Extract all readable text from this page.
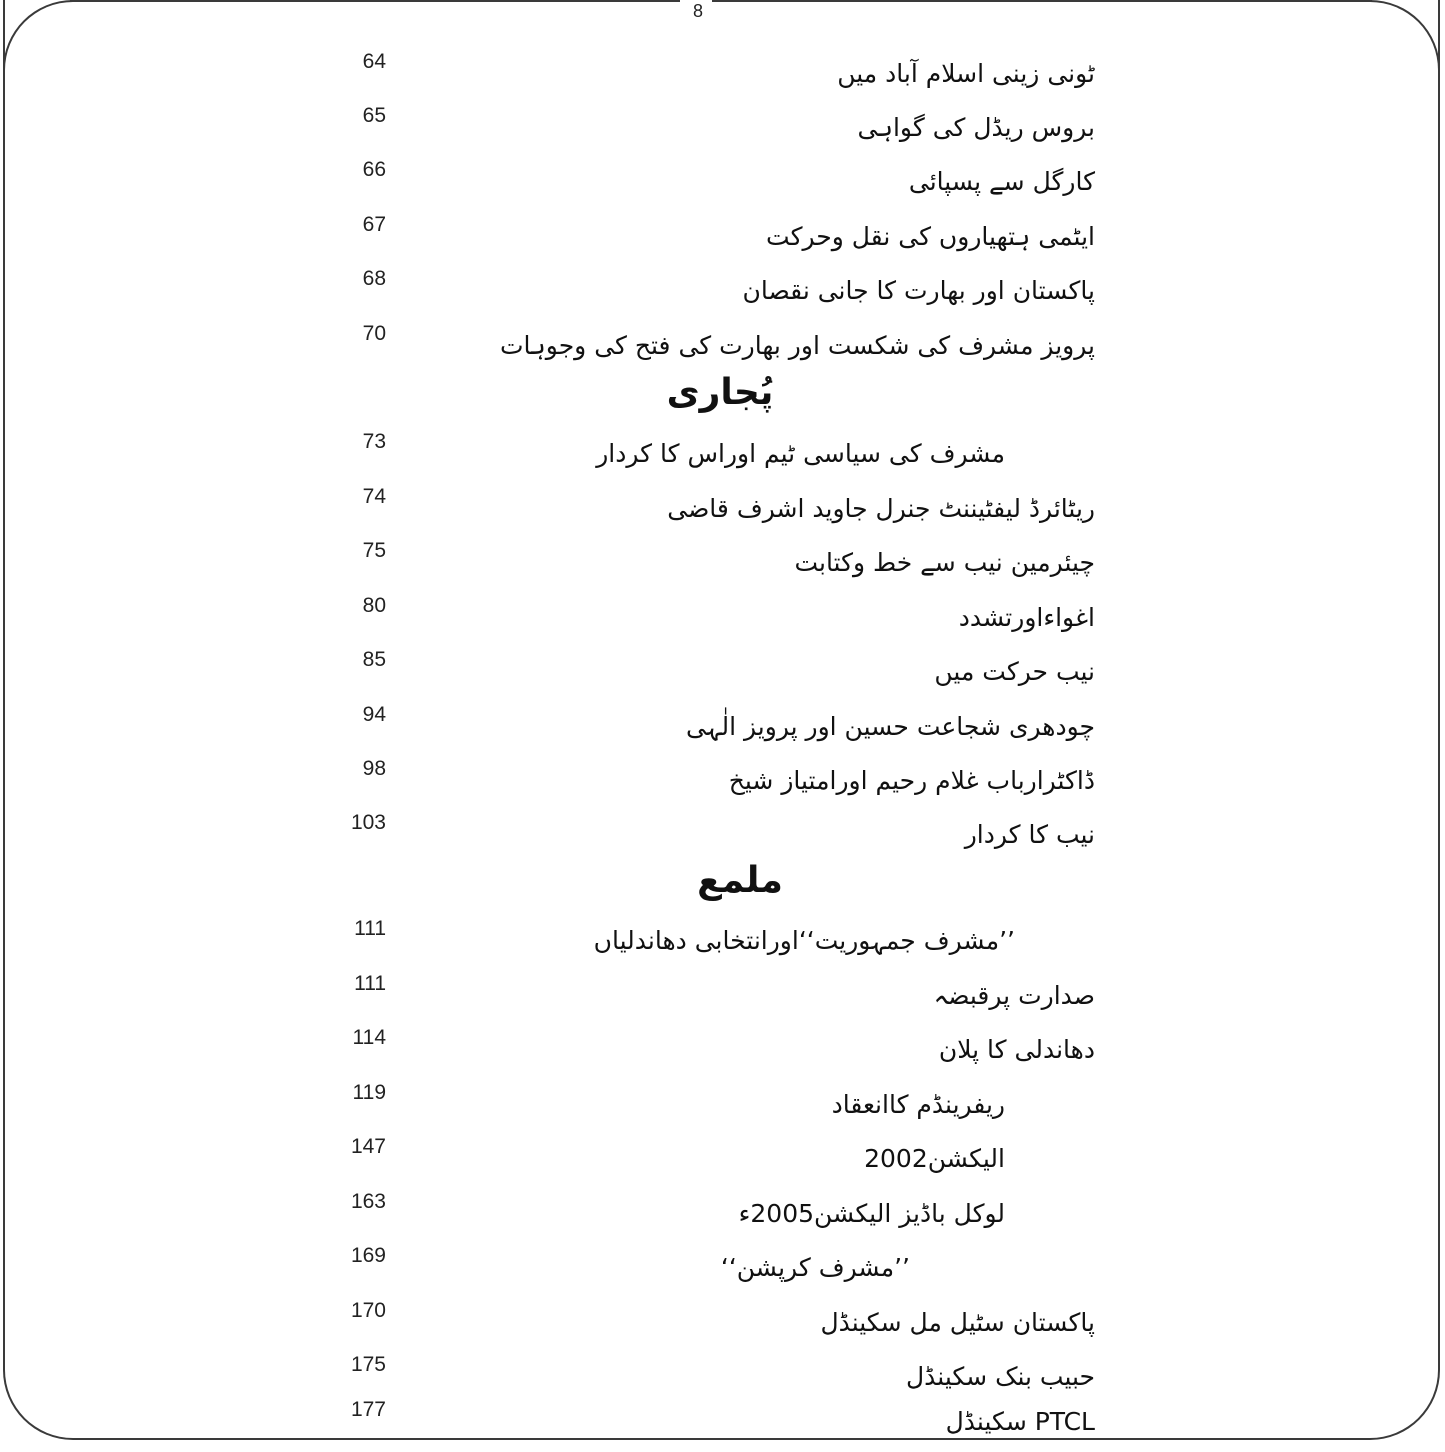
8
64	ٹونی زینی اسلام آباد میں
65	بروس ریڈل کی گواہی
66	کارگل سے پسپائی
67	ایٹمی ہتھیاروں کی نقل وحرکت
68	پاکستان اور بھارت کا جانی نقصان
70	پرویز مشرف کی شکست اور بھارت کی فتح کی وجوہات
پُجاری
73	مشرف کی سیاسی ٹیم اوراس کا کردار
74	ریٹائرڈ لیفٹیننٹ جنرل جاوید اشرف قاضی
75	چیئرمین نیب سے خط وکتابت
80	اغواءاورتشدد
85	نیب حرکت میں
94	چودھری شجاعت حسین اور پرویز الٰہی
98	ڈاکٹرارباب غلام رحیم اورامتیاز شیخ
103	نیب کا کردار
ملمع
111	’’مشرف جمہوریت‘‘اورانتخابی دھاندلیاں
111	صدارت پرقبضہ
114	دھاندلی کا پلان
119	ریفرینڈم کاانعقاد
147	الیکشن2002
163	لوکل باڈیز الیکشن2005ء
169	’’مشرف کرپشن‘‘
170	پاکستان سٹیل مل سکینڈل
175	حبیب بنک سکینڈل
177	PTCL سکینڈل
